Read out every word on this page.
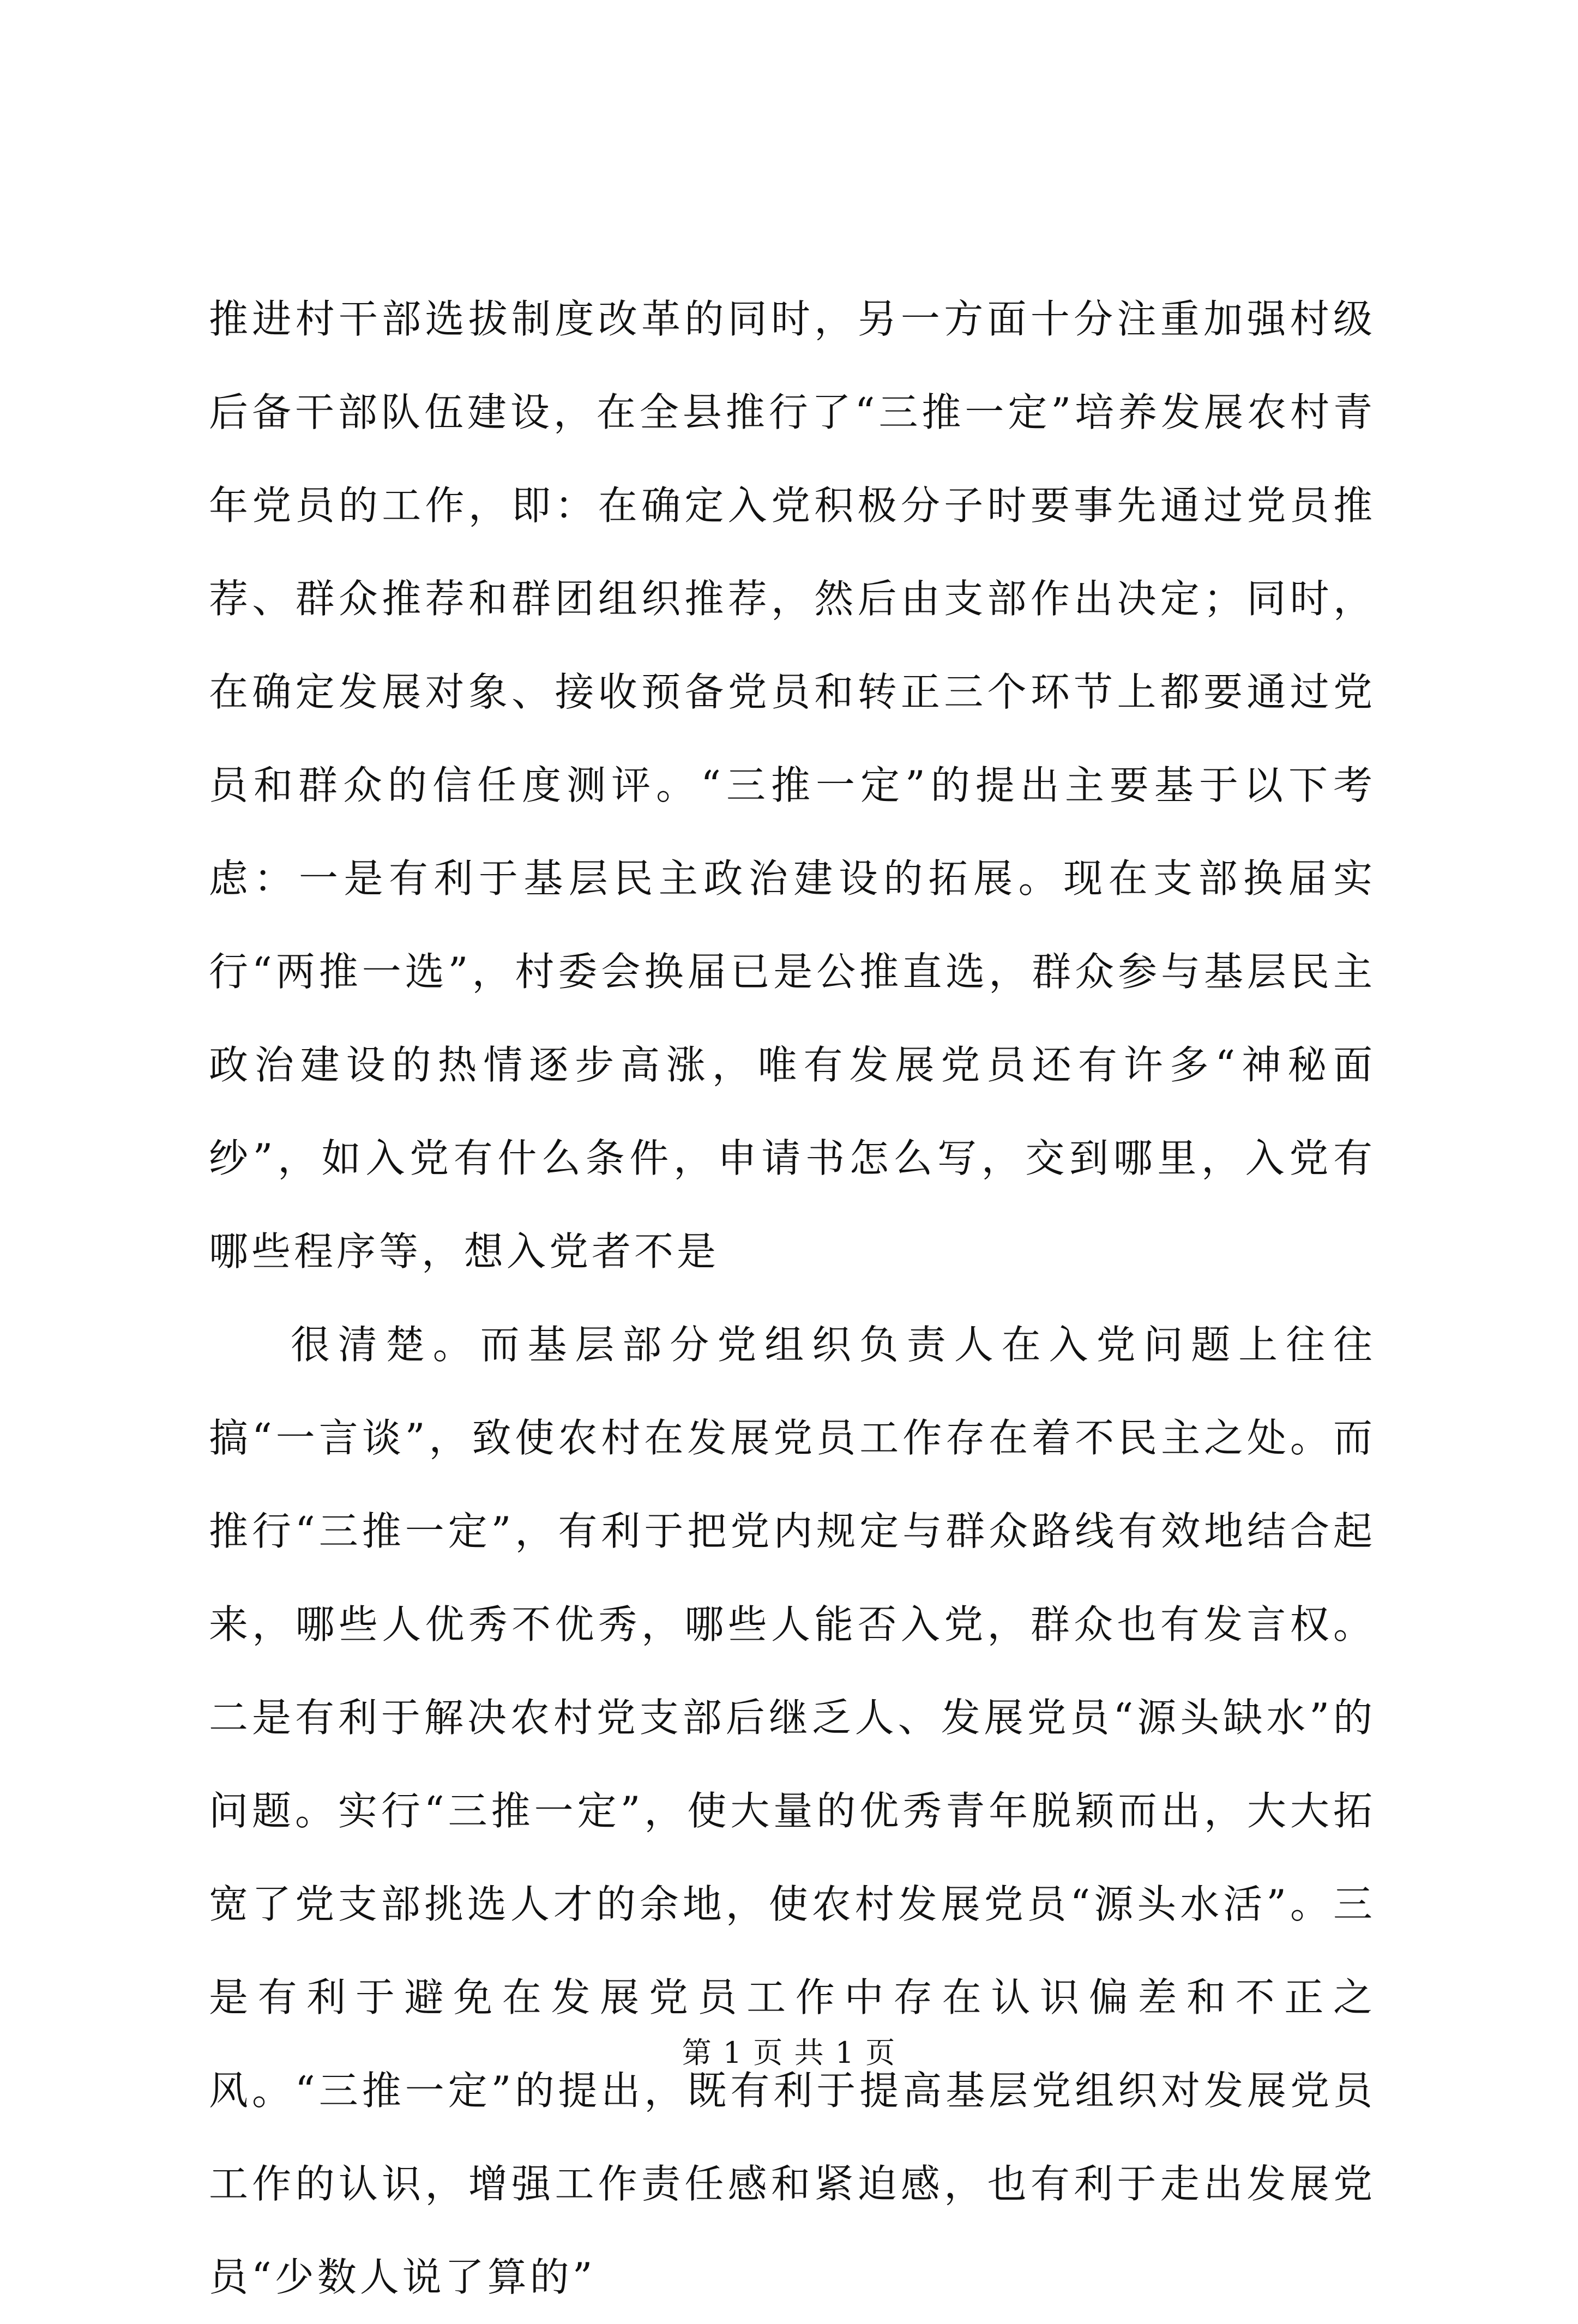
推进村干部选拔制度改革的同时，另一方面十分注重加强村级后备干部队伍建设，在全县推行了“三推一定”培养发展农村青年党员的工作，即：在确定入党积极分子时要事先通过党员推荐、群众推荐和群团组织推荐，然后由支部作出决定；同时，在确定发展对象、接收预备党员和转正三个环节上都要通过党员和群众的信任度测评。“三推一定”的提出主要基于以下考虑：一是有利于基层民主政治建设的拓展。现在支部换届实行“两推一选”，村委会换届已是公推直选，群众参与基层民主政治建设的热情逐步高涨，唯有发展党员还有许多“神秘面纱”，如入党有什么条件，申请书怎么写，交到哪里，入党有哪些程序等，想入党者不是

很清楚。而基层部分党组织负责人在入党问题上往往搞“一言谈”，致使农村在发展党员工作存在着不民主之处。而推行“三推一定”，有利于把党内规定与群众路线有效地结合起来，哪些人优秀不优秀，哪些人能否入党，群众也有发言权。二是有利于解决农村党支部后继乏人、发展党员“源头缺水”的问题。实行“三推一定”，使大量的优秀青年脱颖而出，大大拓宽了党支部挑选人才的余地，使农村发展党员“源头水活”。三是有利于避免在发展党员工作中存在认识偏差和不正之风。“三推一定”的提出，既有利于提高基层党组织对发展党员工作的认识，增强工作责任感和紧迫感，也有利于走出发展党员“少数人说了算的”

第 1 页 共 1 页
